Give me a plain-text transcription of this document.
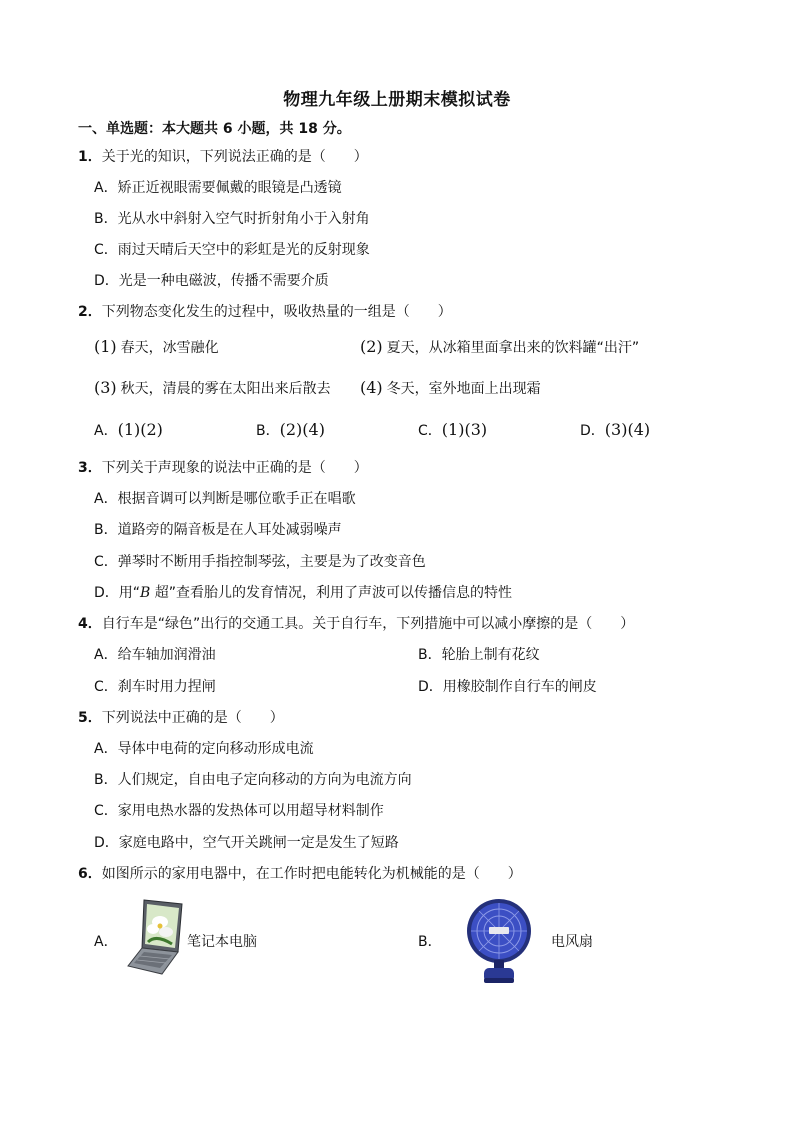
物理九年级上册期末模拟试卷
一、单选题：本大题共 6 小题，共 18 分。
1．关于光的知识，下列说法正确的是（　　）
A．矫正近视眼需要佩戴的眼镜是凸透镜
B．光从水中斜射入空气时折射角小于入射角
C．雨过天晴后天空中的彩虹是光的反射现象
D．光是一种电磁波，传播不需要介质
2．下列物态变化发生的过程中，吸收热量的一组是（　　）
(1) 春天，冰雪融化	(2) 夏天，从冰箱里面拿出来的饮料罐“出汗”
(3) 秋天，清晨的雾在太阳出来后散去 (4) 冬天，室外地面上出现霜
A．(1)(2)	B．(2)(4)	C．(1)(3)	D．(3)(4)
3．下列关于声现象的说法中正确的是（　　）
A．根据音调可以判断是哪位歌手正在唱歌
B．道路旁的隔音板是在人耳处减弱噪声
C．弹琴时不断用手指控制琴弦，主要是为了改变音色
D．用“B 超”查看胎儿的发育情况，利用了声波可以传播信息的特性
4．自行车是“绿色”出行的交通工具。关于自行车，下列措施中可以减小摩擦的是（　　）
A．给车轴加润滑油	B．轮胎上制有花纹
C．刹车时用力捏闸	D．用橡胶制作自行车的闸皮
5．下列说法中正确的是（　　）
A．导体中电荷的定向移动形成电流
B．人们规定，自由电子定向移动的方向为电流方向
C．家用电热水器的发热体可以用超导材料制作
D．家庭电路中，空气开关跳闸一定是发生了短路
6．如图所示的家用电器中，在工作时把电能转化为机械能的是（　　）
A．	笔记本电脑	B．	电风扇
